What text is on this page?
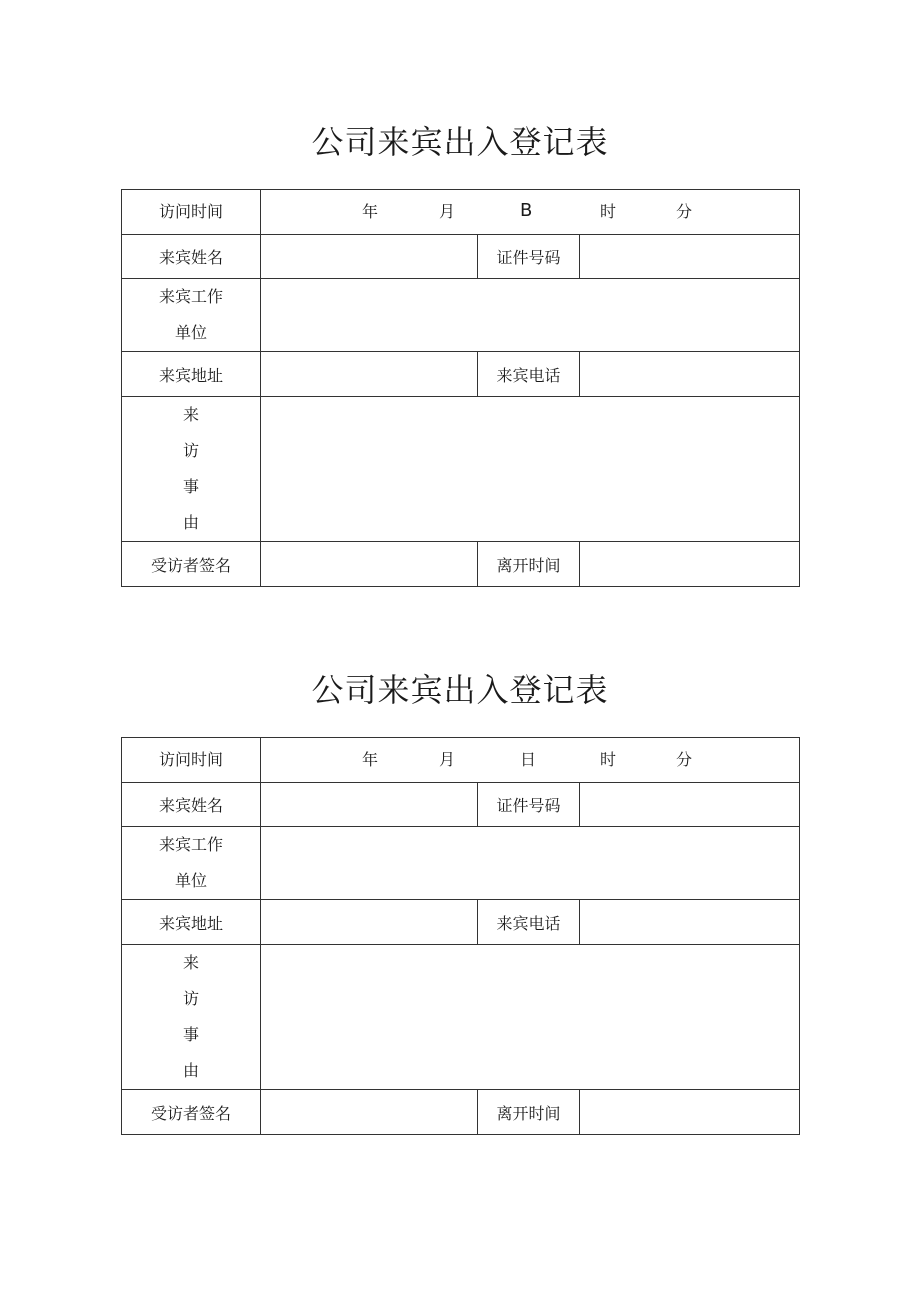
公司来宾出入登记表
访问时间	年 月 B 时 分		

来宾姓名		证件号码	

来宾工作
单位			

来宾地址		来宾电话	

来
访
事
由			

受访者签名		离开时间	
公司来宾出入登记表
访问时间	年 月 日 时 分		

来宾姓名		证件号码	

来宾工作
单位			

来宾地址		来宾电话	

来
访
事
由			

受访者签名		离开时间	
